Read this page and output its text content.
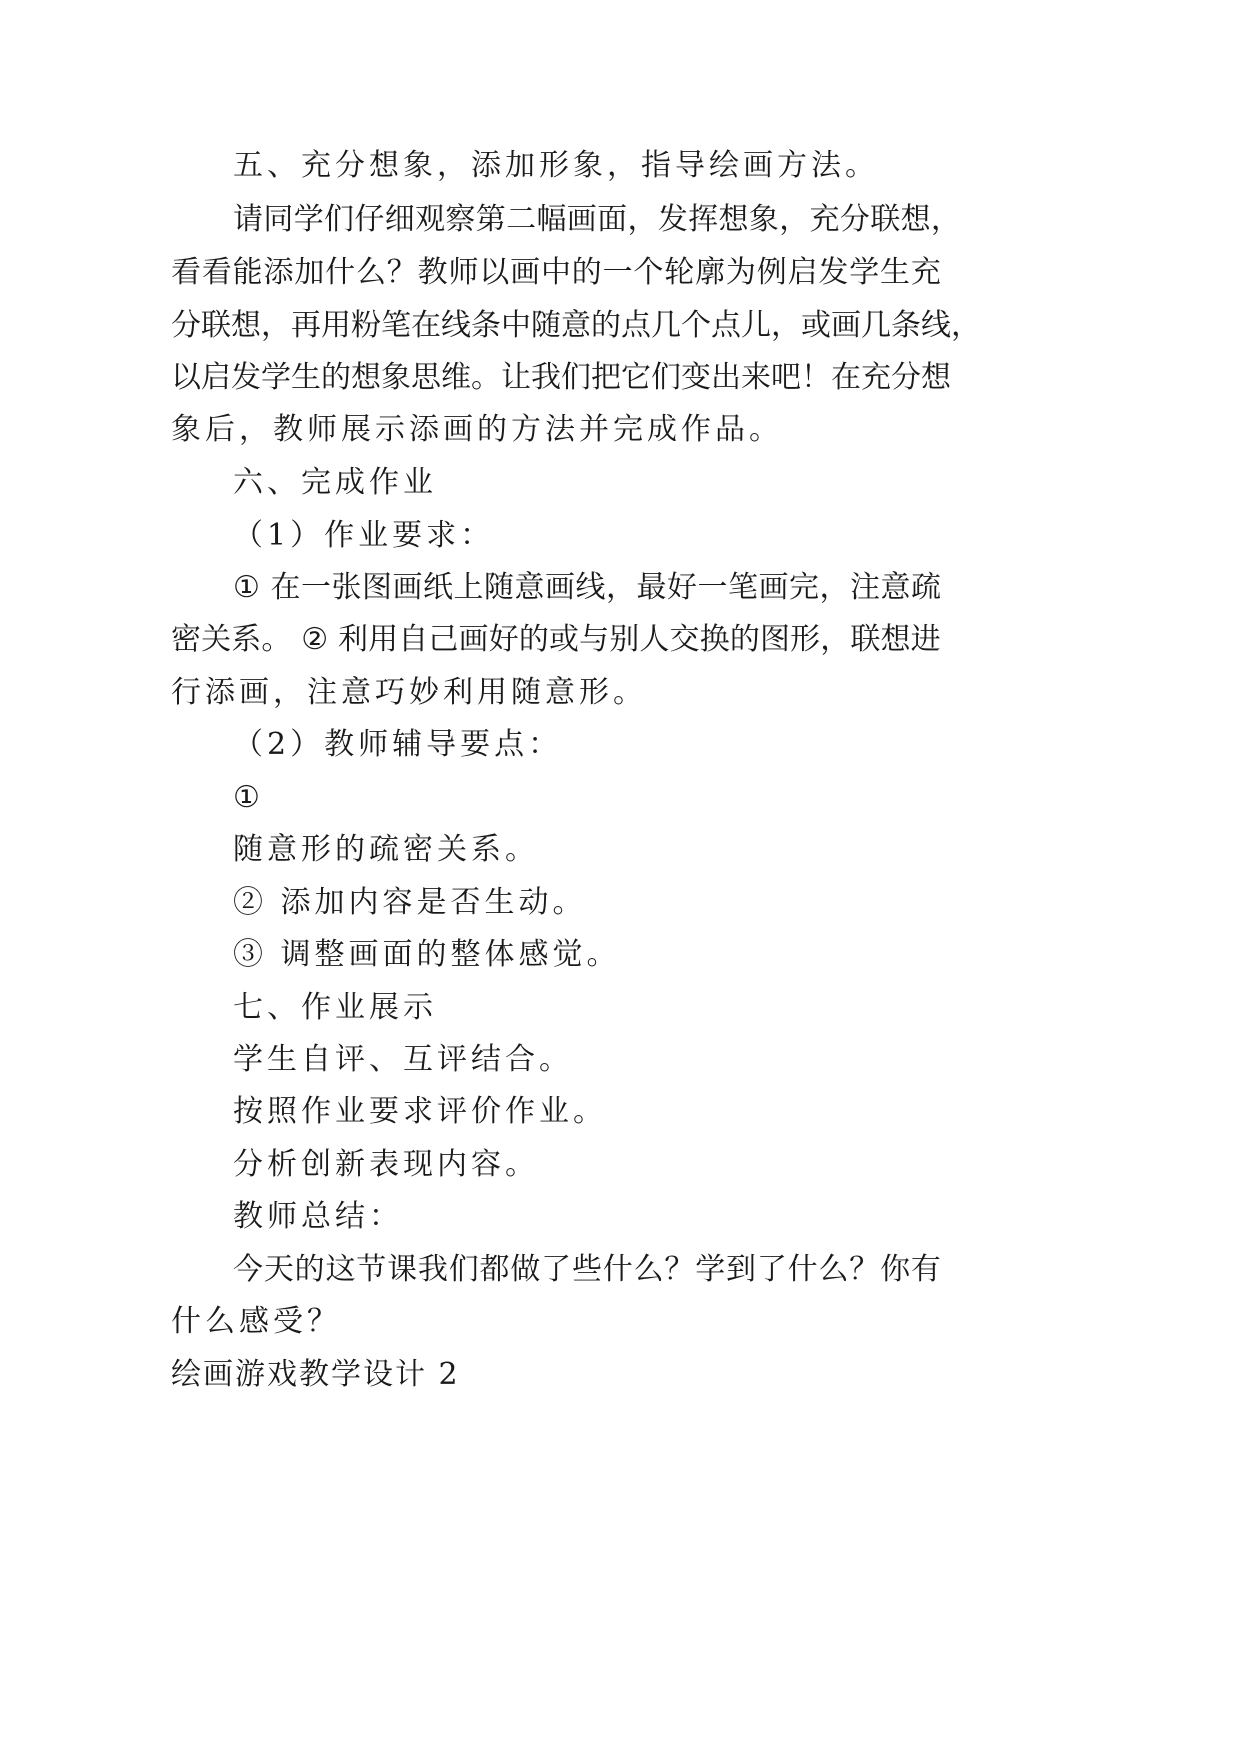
五、充分想象，添加形象，指导绘画方法。
请 同 学 们 仔 细 观 察 第 二 幅 画 面 ， 发 挥 想 象 ， 充 分 联 想 ，
看 看 能 添 加 什 么 ？ 教 师 以 画 中 的 一 个 轮 廓 为 例 启 发 学 生 充
分 联 想 ， 再 用 粉 笔 在 线 条 中 随 意 的 点 几 个 点 儿 ， 或 画 几 条 线 ，
以 启 发 学 生 的 想 象 思 维 。 让 我 们 把 它 们 变 出 来 吧 ！ 在 充 分 想
象后，教师展示添画的方法并完成作品。
六、完成作业
（1）作业要求：
①
在 一 张 图 画 纸 上 随 意 画 线 ， 最 好 一 笔 画 完 ， 注 意 疏
密 关 系 。
②
利 用 自 己 画 好 的 或 与 别 人 交 换 的 图 形 ， 联 想 进
行添画，注意巧妙利用随意形。
（2）教师辅导要点：
①
随意形的疏密关系。
② 添加内容是否生动。
③ 调整画面的整体感觉。
七、作业展示
学生自评、互评结合。
按照作业要求评价作业。
分析创新表现内容。
教师总结：
今 天 的 这 节 课 我 们 都 做 了 些 什 么 ？ 学 到 了 什 么 ？ 你 有
什么感受？
绘画游戏教学设计 2
